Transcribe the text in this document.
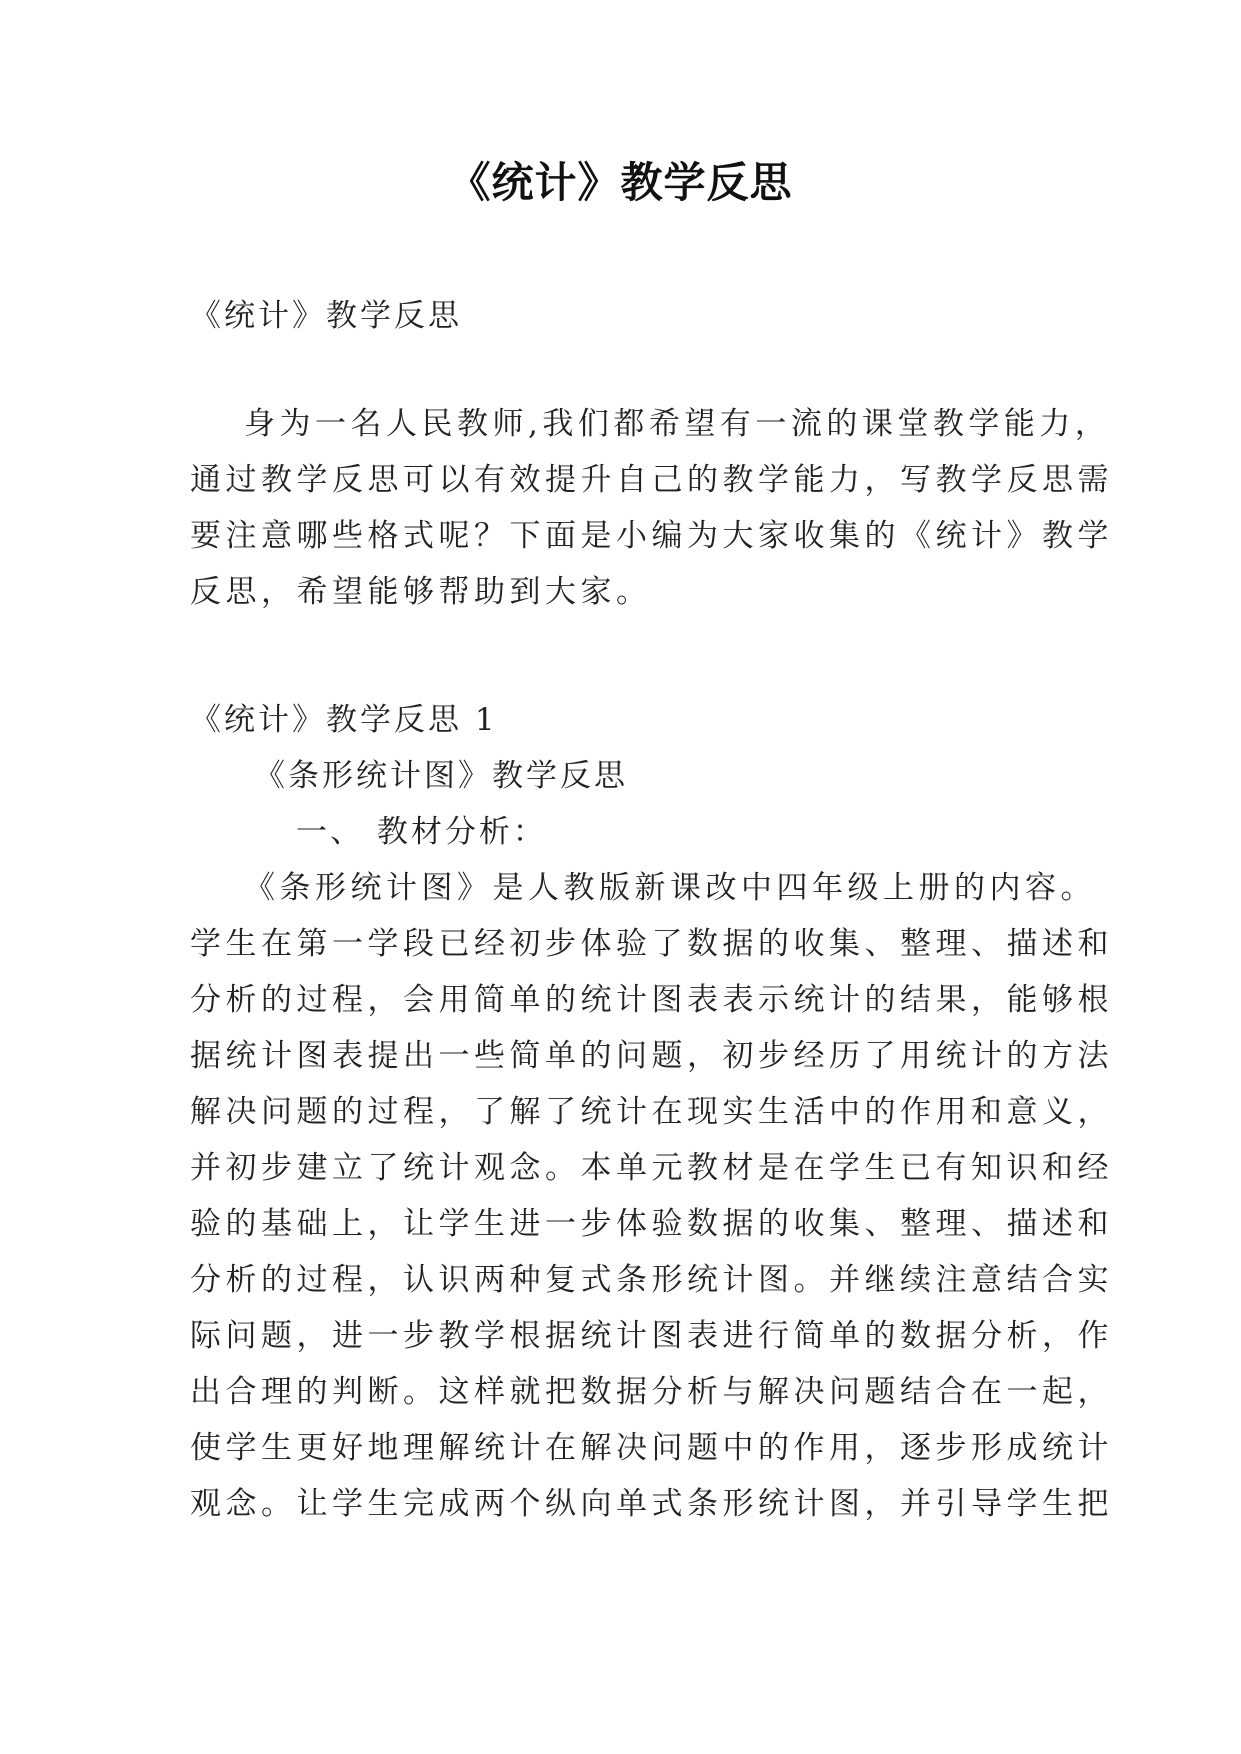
《统计》教学反思
《统计》教学反思
身为一名人民教师,我们都希望有一流的课堂教学能力，
通过教学反思可以有效提升自己的教学能力，写教学反思需
要注意哪些格式呢？下面是小编为大家收集的《统计》教学
反思，希望能够帮助到大家。
《统计》教学反思 1
《条形统计图》教学反思
一、 教材分析：
《条形统计图》是人教版新课改中四年级上册的内容。
学生在第一学段已经初步体验了数据的收集、整理、描述和
分析的过程，会用简单的统计图表表示统计的结果，能够根
据统计图表提出一些简单的问题，初步经历了用统计的方法
解决问题的过程，了解了统计在现实生活中的作用和意义，
并初步建立了统计观念。本单元教材是在学生已有知识和经
验的基础上，让学生进一步体验数据的收集、整理、描述和
分析的过程，认识两种复式条形统计图。并继续注意结合实
际问题，进一步教学根据统计图表进行简单的数据分析，作
出合理的判断。这样就把数据分析与解决问题结合在一起，
使学生更好地理解统计在解决问题中的作用，逐步形成统计
观念。让学生完成两个纵向单式条形统计图，并引导学生把
